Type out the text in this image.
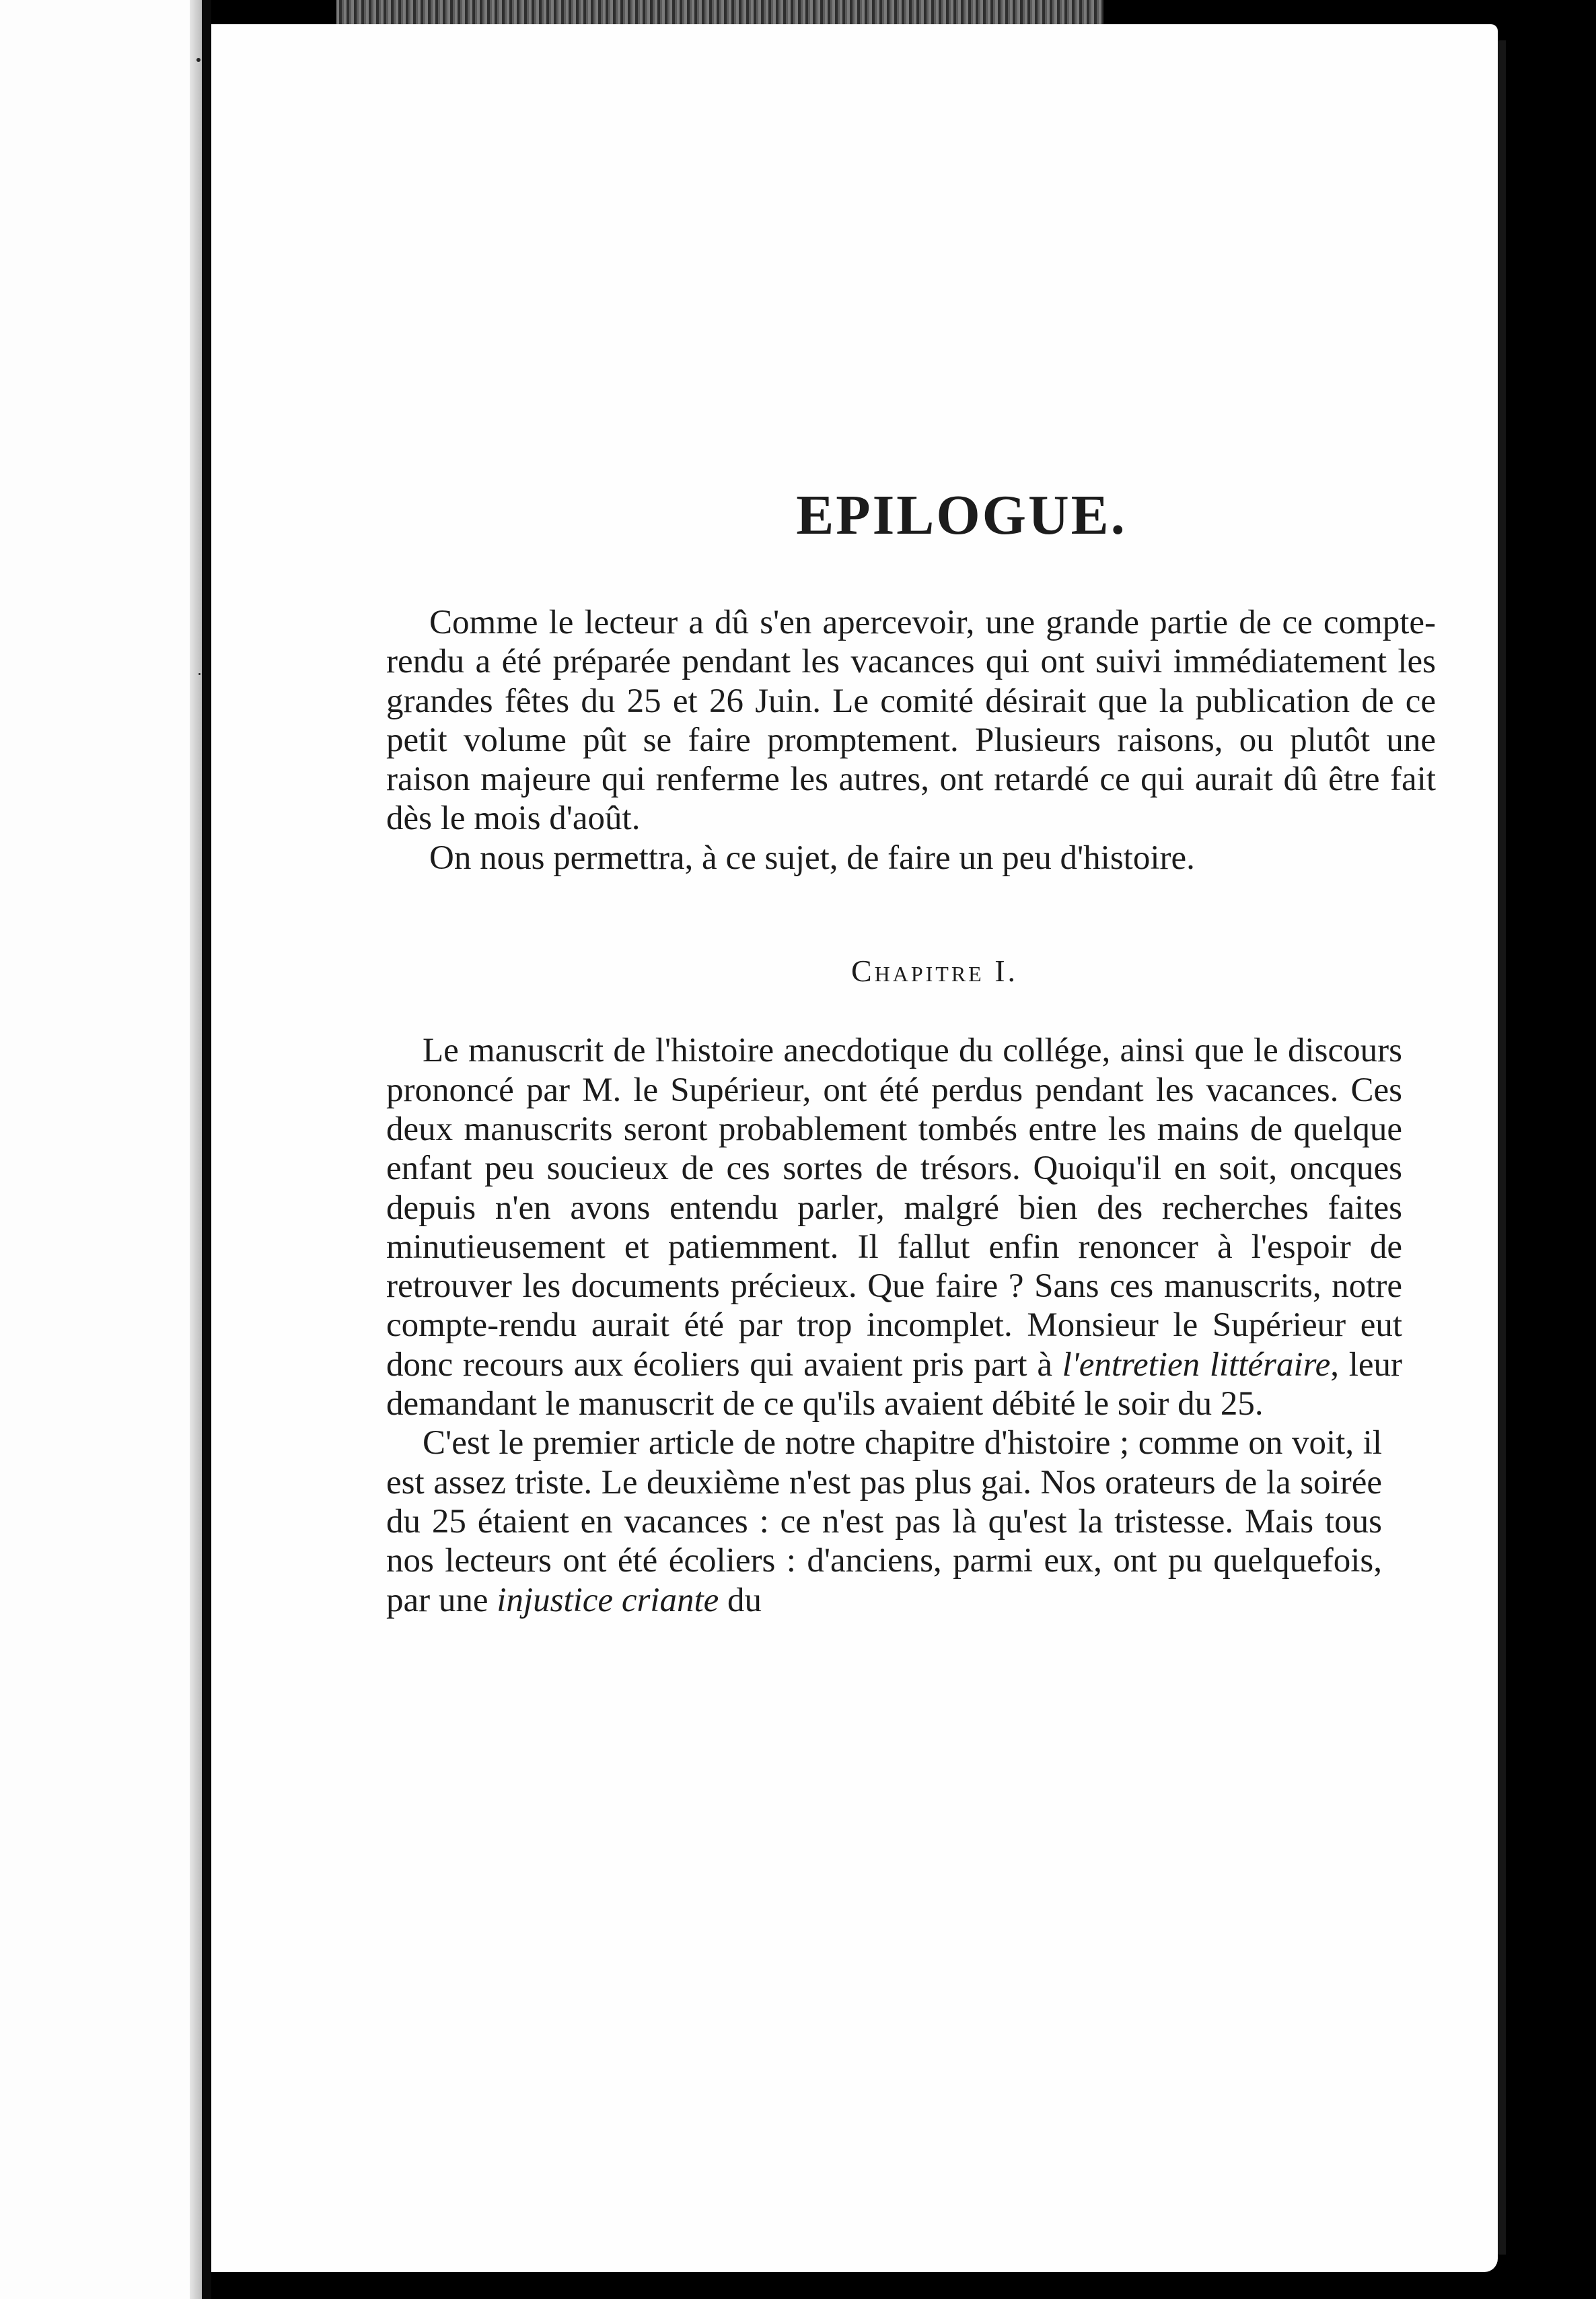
EPILOGUE.

Comme le lecteur a dû s'en apercevoir, une grande partie de ce compte-rendu a été préparée pendant les vacances qui ont suivi immédiatement les grandes fêtes du 25 et 26 Juin. Le comité désirait que la publication de ce petit volume pût se faire promptement. Plusieurs raisons, ou plutôt une raison majeure qui renferme les autres, ont retardé ce qui aurait dû être fait dès le mois d'août.

On nous permettra, à ce sujet, de faire un peu d'histoire.

Chapitre I.

Le manuscrit de l'histoire anecdotique du collége, ainsi que le discours prononcé par M. le Supérieur, ont été perdus pendant les vacances. Ces deux manuscrits seront probablement tombés entre les mains de quelque enfant peu soucieux de ces sortes de trésors. Quoiqu'il en soit, oncques depuis n'en avons entendu parler, malgré bien des recherches faites minutieusement et patiemment. Il fallut enfin renoncer à l'espoir de retrouver les documents précieux. Que faire ? Sans ces manuscrits, notre compte-rendu aurait été par trop incomplet. Monsieur le Supérieur eut donc recours aux écoliers qui avaient pris part à l'entretien littéraire, leur demandant le manuscrit de ce qu'ils avaient débité le soir du 25.

C'est le premier article de notre chapitre d'histoire ; comme on voit, il est assez triste. Le deuxième n'est pas plus gai. Nos orateurs de la soirée du 25 étaient en vacances : ce n'est pas là qu'est la tristesse. Mais tous nos lecteurs ont été écoliers : d'anciens, parmi eux, ont pu quelquefois, par une injustice criante du
